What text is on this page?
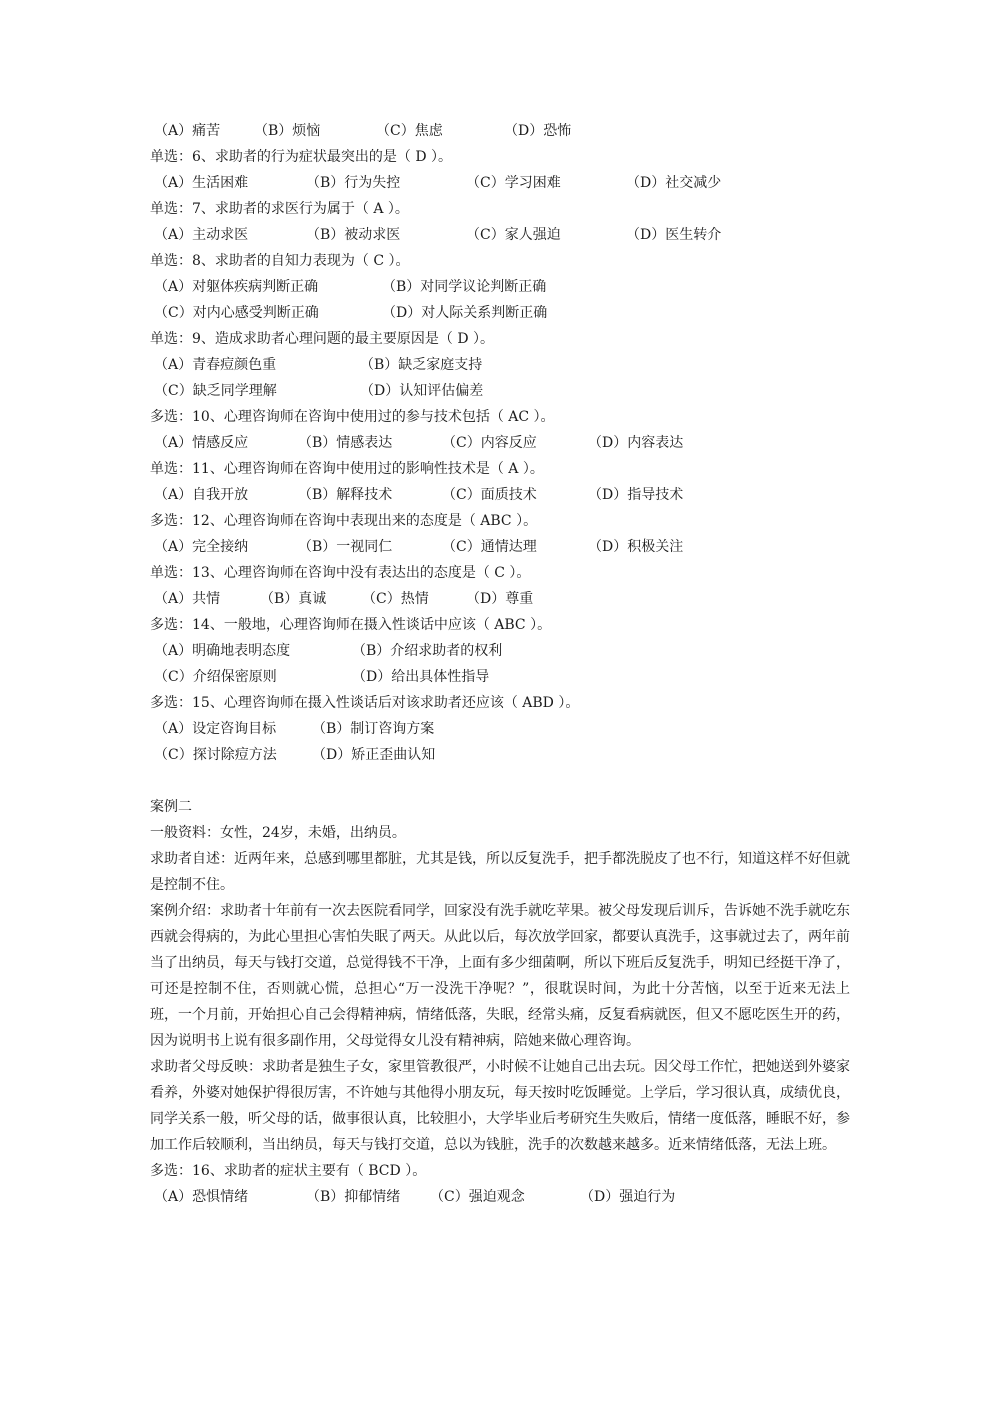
（A）痛苦 （B）烦恼	（C）焦虑	（D）恐怖
单选：6、求助者的行为症状最突出的是（ D ）。
（A）生活困难	（B）行为失控	（C）学习困难	（D）社交减少
单选：7、求助者的求医行为属于（ A ）。
（A）主动求医	（B）被动求医	（C）家人强迫	（D）医生转介
单选：8、求助者的自知力表现为（ C ）。
（A）对躯体疾病判断正确	（B）对同学议论判断正确
（C）对内心感受判断正确	（D）对人际关系判断正确
单选：9、造成求助者心理问题的最主要原因是（ D ）。
（A）青春痘颜色重	（B）缺乏家庭支持
（C）缺乏同学理解	（D）认知评估偏差
多选：10、心理咨询师在咨询中使用过的参与技术包括（ AC ）。
（A）情感反应	（B）情感表达	（C）内容反应	（D）内容表达
单选：11、心理咨询师在咨询中使用过的影响性技术是（ A ）。
（A）自我开放	（B）解释技术	（C）面质技术	（D）指导技术
多选：12、心理咨询师在咨询中表现出来的态度是（ ABC ）。
（A）完全接纳	（B）一视同仁	（C）通情达理	（D）积极关注
单选：13、心理咨询师在咨询中没有表达出的态度是（ C ）。
（A）共情	（B）真诚	（C）热情	（D）尊重
多选：14、一般地，心理咨询师在摄入性谈话中应该（ ABC ）。
（A）明确地表明态度	（B）介绍求助者的权利
（C）介绍保密原则	（D）给出具体性指导
多选：15、心理咨询师在摄入性谈话后对该求助者还应该（ ABD ）。
（A）设定咨询目标	（B）制订咨询方案
（C）探讨除痘方法	（D）矫正歪曲认知
案例二
一般资料：女性，24岁，未婚，出纳员。
求助者自述：近两年来，总感到哪里都脏，尤其是钱，所以反复洗手，把手都洗脱皮了也不行，知道这样不好但就是控制不住。
案例介绍：求助者十年前有一次去医院看同学，回家没有洗手就吃苹果。被父母发现后训斥，告诉她不洗手就吃东西就会得病的，为此心里担心害怕失眠了两天。从此以后，每次放学回家，都要认真洗手，这事就过去了，两年前当了出纳员，每天与钱打交道，总觉得钱不干净，上面有多少细菌啊，所以下班后反复洗手，明知已经挺干净了，可还是控制不住，否则就心慌，总担心“万一没洗干净呢？”，很耽误时间，为此十分苦恼，以至于近来无法上班，一个月前，开始担心自己会得精神病，情绪低落，失眠，经常头痛，反复看病就医，但又不愿吃医生开的药，因为说明书上说有很多副作用，父母觉得女儿没有精神病，陪她来做心理咨询。
求助者父母反映：求助者是独生子女，家里管教很严，小时候不让她自己出去玩。因父母工作忙，把她送到外婆家看养，外婆对她保护得很厉害，不许她与其他得小朋友玩，每天按时吃饭睡觉。上学后，学习很认真，成绩优良，同学关系一般，听父母的话，做事很认真，比较胆小，大学毕业后考研究生失败后，情绪一度低落，睡眠不好，参加工作后较顺利，当出纳员，每天与钱打交道，总以为钱脏，洗手的次数越来越多。近来情绪低落，无法上班。
多选：16、求助者的症状主要有（ BCD ）。
（A）恐惧情绪	（B）抑郁情绪 （C）强迫观念	（D）强迫行为
